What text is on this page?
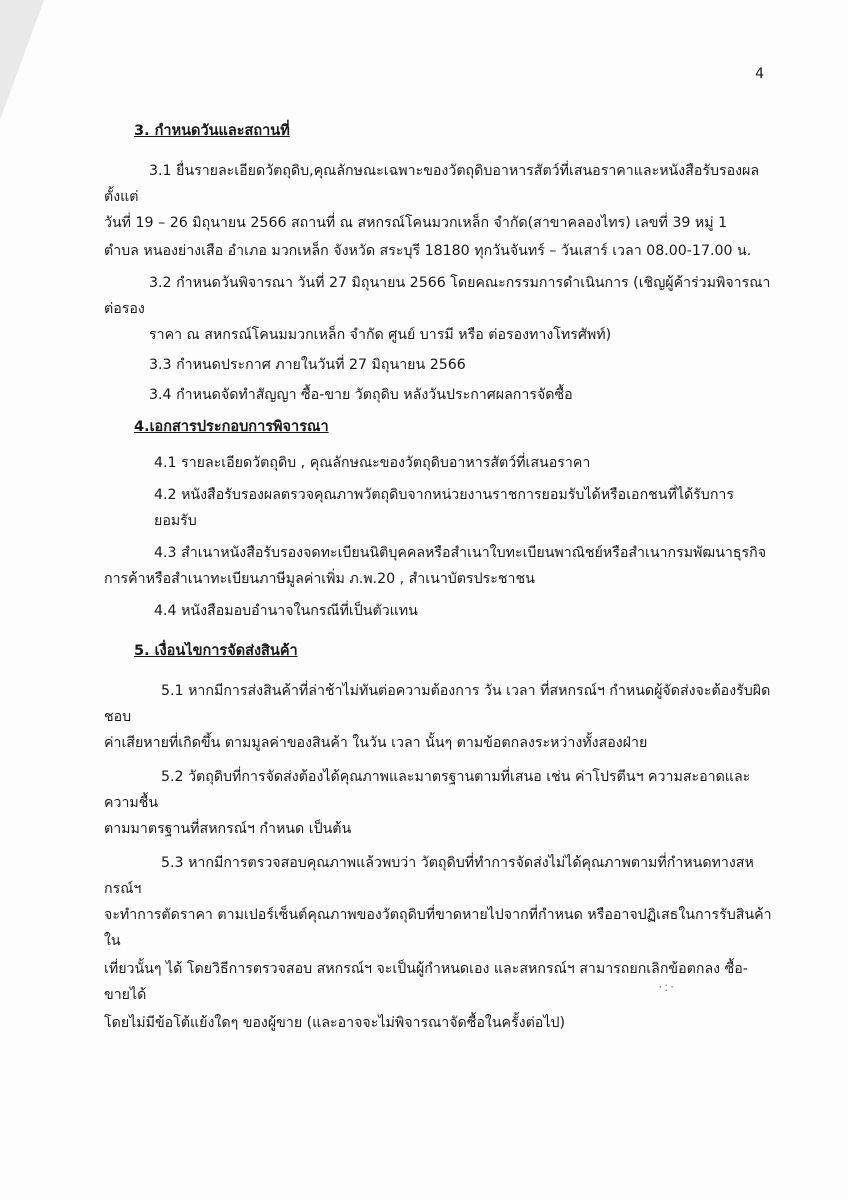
4

3. กำหนดวันและสถานที่

3.1 ยื่นรายละเอียดวัตถุดิบ,คุณลักษณะเฉพาะของวัตถุดิบอาหารสัตว์ที่เสนอราคาและหนังสือรับรองผล ตั้งแต่

วันที่ 19 – 26 มิถุนายน 2566 สถานที่ ณ สหกรณ์โคนมวกเหล็ก จำกัด(สาขาคลองไทร) เลขที่ 39 หมู่ 1

ตำบล หนองย่างเสือ อำเภอ มวกเหล็ก จังหวัด สระบุรี 18180 ทุกวันจันทร์ – วันเสาร์ เวลา 08.00-17.00 น.

3.2 กำหนดวันพิจารณา วันที่ 27 มิถุนายน 2566 โดยคณะกรรมการดำเนินการ (เชิญผู้ค้าร่วมพิจารณาต่อรอง

ราคา ณ สหกรณ์โคนมมวกเหล็ก จำกัด ศูนย์ บารมี หรือ ต่อรองทางโทรศัพท์)

3.3 กำหนดประกาศ ภายในวันที่ 27 มิถุนายน 2566

3.4 กำหนดจัดทำสัญญา ซื้อ-ขาย วัตถุดิบ หลังวันประกาศผลการจัดซื้อ

4.เอกสารประกอบการพิจารณา

4.1 รายละเอียดวัตถุดิบ , คุณลักษณะของวัตถุดิบอาหารสัตว์ที่เสนอราคา

4.2 หนังสือรับรองผลตรวจคุณภาพวัตถุดิบจากหน่วยงานราชการยอมรับได้หรือเอกชนที่ได้รับการยอมรับ

4.3 สำเนาหนังสือรับรองจดทะเบียนนิติบุคคลหรือสำเนาใบทะเบียนพาณิชย์หรือสำเนากรมพัฒนาธุรกิจ

การค้าหรือสำเนาทะเบียนภาษีมูลค่าเพิ่ม ภ.พ.20 , สำเนาบัตรประชาชน

4.4 หนังสือมอบอำนาจในกรณีที่เป็นตัวแทน

5. เงื่อนไขการจัดส่งสินค้า

5.1 หากมีการส่งสินค้าที่ล่าช้าไม่ทันต่อความต้องการ วัน เวลา ที่สหกรณ์ฯ กำหนดผู้จัดส่งจะต้องรับผิดชอบ

ค่าเสียหายที่เกิดขึ้น ตามมูลค่าของสินค้า ในวัน เวลา นั้นๆ ตามข้อตกลงระหว่างทั้งสองฝ่าย

5.2 วัตถุดิบที่การจัดส่งต้องได้คุณภาพและมาตรฐานตามที่เสนอ เช่น ค่าโปรตีนฯ ความสะอาดและความชื้น

ตามมาตรฐานที่สหกรณ์ฯ กำหนด เป็นต้น

5.3 หากมีการตรวจสอบคุณภาพแล้วพบว่า วัตถุดิบที่ทำการจัดส่งไม่ได้คุณภาพตามที่กำหนดทางสหกรณ์ฯ

จะทำการตัดราคา ตามเปอร์เซ็นต์คุณภาพของวัตถุดิบที่ขาดหายไปจากที่กำหนด หรืออาจปฏิเสธในการรับสินค้าใน

เที่ยวนั้นๆ ได้ โดยวิธีการตรวจสอบ สหกรณ์ฯ จะเป็นผู้กำหนดเอง และสหกรณ์ฯ สามารถยกเลิกข้อตกลง ซื้อ-ขายได้

โดยไม่มีข้อโต้แย้งใดๆ ของผู้ขาย (และอาจจะไม่พิจารณาจัดซื้อในครั้งต่อไป)

·:·
